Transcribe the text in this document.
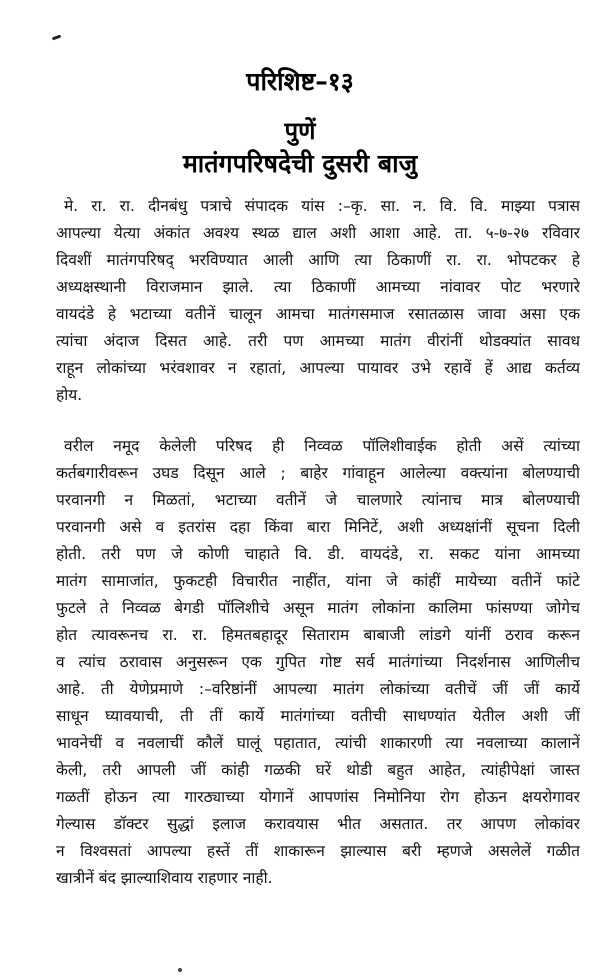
परिशिष्ट–१३
पुणें
मातंगपरिषदेची दुसरी बाजु
मे. रा. रा. दीनबंधु पत्राचे संपादक यांस :–कृ. सा. न. वि. वि. माझ्या पत्रास
आपल्या येत्या अंकांत अवश्य स्थळ द्याल अशी आशा आहे. ता. ५-७-२७ रविवार
दिवशीं मातंगपरिषद् भरविण्यात आली आणि त्या ठिकाणीं रा. रा. भोपटकर हे
अध्यक्षस्थानी विराजमान झाले. त्या ठिकाणीं आमच्या नांवावर पोट भरणारे
वायदंडे हे भटाच्या वतीनें चालून आमचा मातंगसमाज रसातळास जावा असा एक
त्यांचा अंदाज दिसत आहे. तरी पण आमच्या मातंग वीरांनीं थोडक्यांत सावध
राहून लोकांच्या भरंवशावर न रहातां, आपल्या पायावर उभे रहावें हें आद्य कर्तव्य
होय.
वरील नमूद केलेली परिषद ही निव्वळ पॉलिशीवाईक होती असें त्यांच्या
कर्तबगारीवरून उघड दिसून आले ; बाहेर गांवाहून आलेल्या वक्त्यांना बोलण्याची
परवानगी न मिळतां, भटाच्या वतीनें जे चालणारे त्यांनाच मात्र बोलण्याची
परवानगी असे व इतरांस दहा किंवा बारा मिनिटें, अशी अध्यक्षांनीं सूचना दिली
होती. तरी पण जे कोणी चाहाते वि. डी. वायदंडे, रा. सकट यांना आमच्या
मातंग सामाजांत, फुकटही विचारीत नाहींत, यांना जे कांहीं मायेच्या वतीनें फांटे
फुटले ते निव्वळ बेगडी पॉलिशीचे असून मातंग लोकांना कालिमा फांसण्या जोगेच
होत त्यावरूनच रा. रा. हिमतबहादूर सिताराम बाबाजी लांडगे यांनीं ठराव करून
व त्यांच ठरावास अनुसरून एक गुपित गोष्ट सर्व मातंगांच्या निदर्शनास आणिलीच
आहे. ती येणेप्रमाणे :–वरिष्ठांनीं आपल्या मातंग लोकांच्या वतीचें जीं जीं कार्ये
साधून घ्यावयाची, ती तीं कार्ये मातंगांच्या वतीची साधण्यांत येतील अशी जीं
भावनेचीं व नवलाचीं कौलें घालूं पहातात, त्यांची शाकारणी त्या नवलाच्या कालानें
केली, तरी आपली जीं कांही गळकी घरें थोडी बहुत आहेत, त्यांहीपेक्षां जास्त
गळतीं होऊन त्या गारठ्याच्या योगानें आपणांस निमोनिया रोग होऊन क्षयरोगावर
गेल्यास डॉक्टर सुद्धां इलाज करावयास भीत असतात. तर आपण लोकांवर
न विश्वसतां आपल्या हस्तें तीं शाकारून झाल्यास बरी म्हणजे असलेलें गळीत
खात्रीनें बंद झाल्याशिवाय राहणार नाही.
